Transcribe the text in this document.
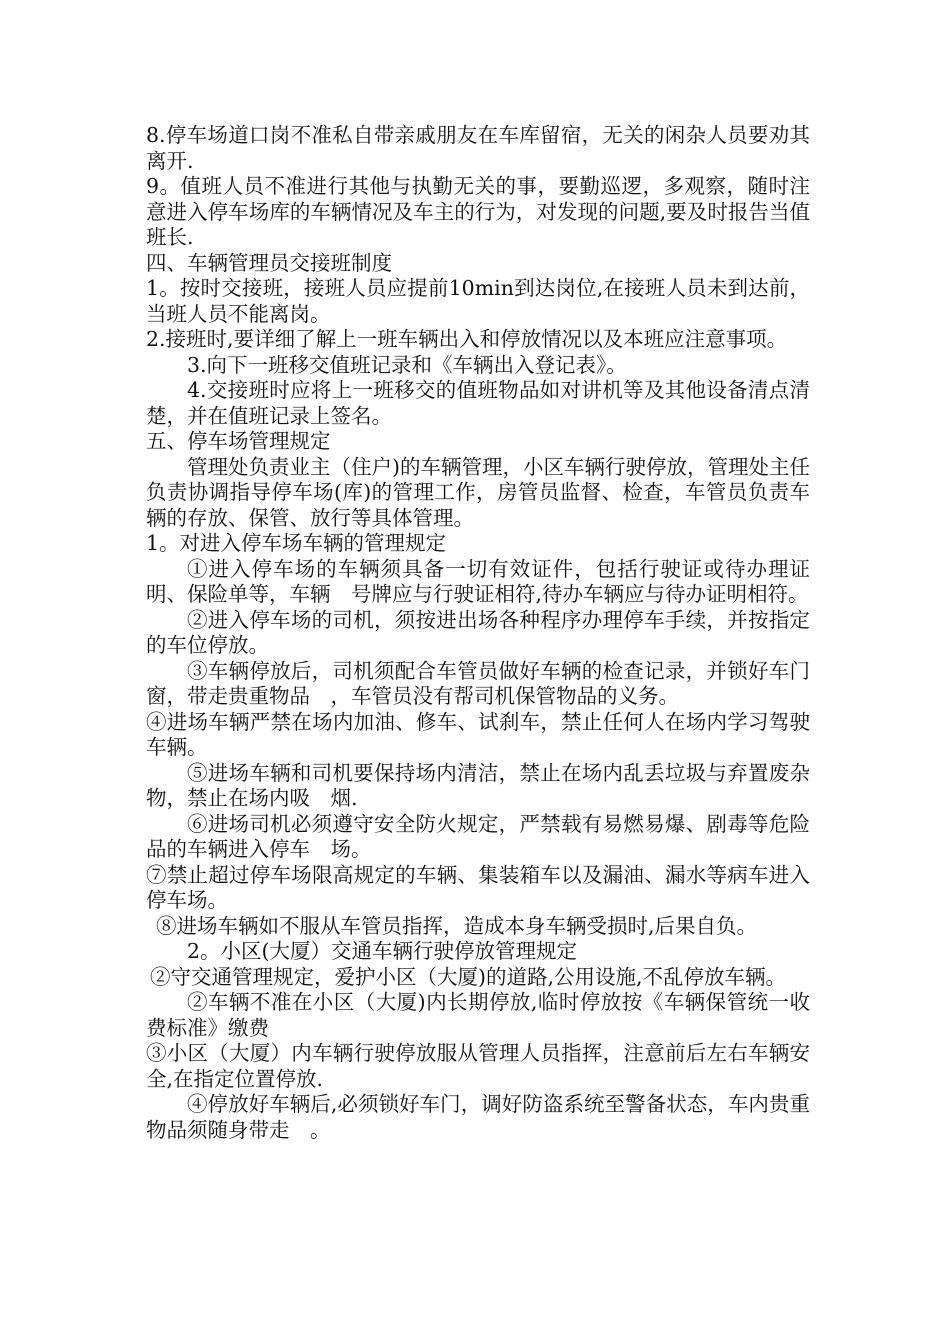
8.停车场道口岗不准私自带亲戚朋友在车库留宿，无关的闲杂人员要劝其离开.

9。值班人员不准进行其他与执勤无关的事，要勤巡逻，多观察，随时注意进入停车场库的车辆情况及车主的行为，对发现的问题,要及时报告当值班长.

四、车辆管理员交接班制度

1。按时交接班，接班人员应提前10min到达岗位,在接班人员未到达前，当班人员不能离岗。

2.接班时,要详细了解上一班车辆出入和停放情况以及本班应注意事项。

3.向下一班移交值班记录和《车辆出入登记表》。

4.交接班时应将上一班移交的值班物品如对讲机等及其他设备清点清楚，并在值班记录上签名。

五、停车场管理规定

管理处负责业主（住户)的车辆管理，小区车辆行驶停放，管理处主任负责协调指导停车场(库)的管理工作，房管员监督、检查，车管员负责车辆的存放、保管、放行等具体管理。

1。对进入停车场车辆的管理规定

①进入停车场的车辆须具备一切有效证件，包括行驶证或待办理证明、保险单等，车辆　号牌应与行驶证相符,待办车辆应与待办证明相符。

②进入停车场的司机，须按进出场各种程序办理停车手续，并按指定的车位停放。

③车辆停放后，司机须配合车管员做好车辆的检查记录，并锁好车门窗，带走贵重物品　，车管员没有帮司机保管物品的义务。

④进场车辆严禁在场内加油、修车、试刹车，禁止任何人在场内学习驾驶车辆。

⑤进场车辆和司机要保持场内清洁，禁止在场内乱丢垃圾与弃置废杂物，禁止在场内吸　烟.

⑥进场司机必须遵守安全防火规定，严禁载有易燃易爆、剧毒等危险品的车辆进入停车　场。

⑦禁止超过停车场限高规定的车辆、集装箱车以及漏油、漏水等病车进入停车场。

⑧进场车辆如不服从车管员指挥，造成本身车辆受损时,后果自负。

2。小区(大厦）交通车辆行驶停放管理规定

②守交通管理规定，爱护小区（大厦)的道路,公用设施,不乱停放车辆。

②车辆不准在小区（大厦)内长期停放,临时停放按《车辆保管统一收费标准》缴费

③小区（大厦）内车辆行驶停放服从管理人员指挥，注意前后左右车辆安全,在指定位置停放.

④停放好车辆后,必须锁好车门，调好防盗系统至警备状态，车内贵重物品须随身带走　。
